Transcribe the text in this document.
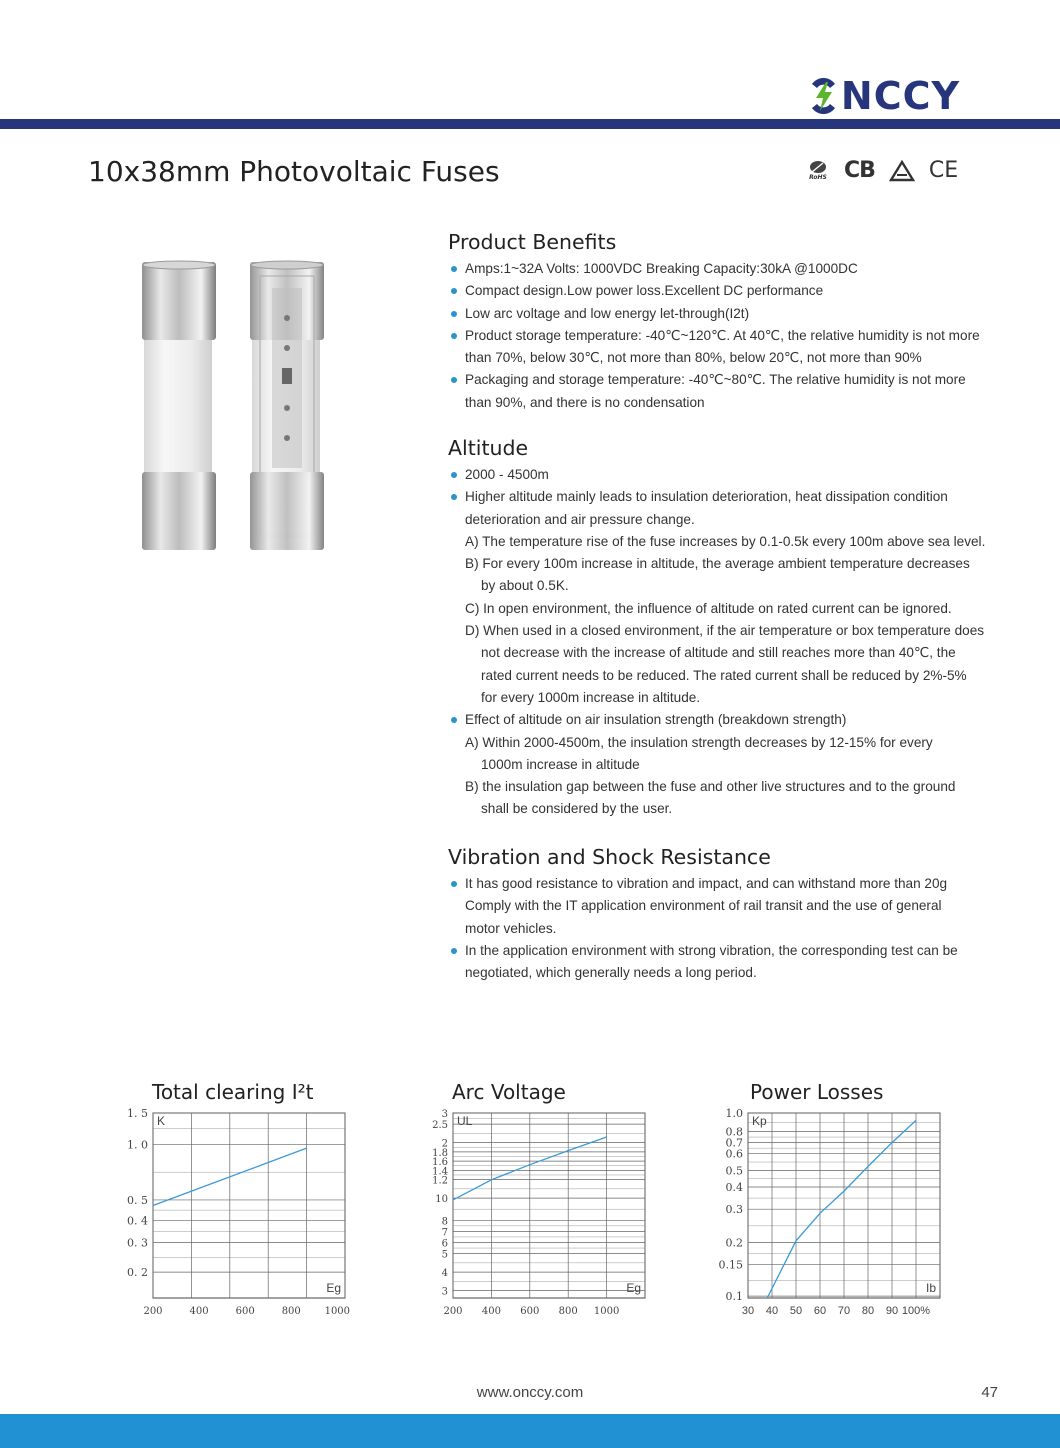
NCCY
10x38mm Photovoltaic Fuses	RoHS CB CE
Product Benefits
Amps:1~32A Volts: 1000VDC Breaking Capacity:30kA @1000DC
Compact design.Low power loss.Excellent DC performance
Low arc voltage and low energy let-through(I2t)
Product storage temperature: -40℃~120℃. At 40℃, the relative humidity is not more than 70%, below 30℃, not more than 80%, below 20℃, not more than 90%
Packaging and storage temperature: -40℃~80℃. The relative humidity is not more than 90%, and there is no condensation
Altitude
2000 - 4500m
Higher altitude mainly leads to insulation deterioration, heat dissipation condition deterioration and air pressure change.
A) The temperature rise of the fuse increases by 0.1-0.5k every 100m above sea level.
B) For every 100m increase in altitude, the average ambient temperature decreases by about 0.5K.
C) In open environment, the influence of altitude on rated current can be ignored.
D) When used in a closed environment, if the air temperature or box temperature does not decrease with the increase of altitude and still reaches more than 40℃, the rated current needs to be reduced. The rated current shall be reduced by 2%-5% for every 1000m increase in altitude.
Effect of altitude on air insulation strength (breakdown strength)
A) Within 2000-4500m, the insulation strength decreases by 12-15% for every 1000m increase in altitude
B) the insulation gap between the fuse and other live structures and to the ground shall be considered by the user.
Vibration and Shock Resistance
It has good resistance to vibration and impact, and can withstand more than 20g Comply with the IT application environment of rail transit and the use of general motor vehicles.
In the application environment with strong vibration, the corresponding test can be negotiated, which generally needs a long period.
Total clearing I²t	Arc Voltage	Power Losses
1. 5
1. 0
0. 5
0. 4
0. 3
0. 2
200	400	600	800 1000
K
Eg
3
2.5
2
1.8
1.6
1.4
1.2
10
8
7
6
5
4
3
200 400 600 800 1000
UL
Eg
1.0
0.8
0.7
0.6
0.5
0.4
0.3
0.2
0.15
0.1
30 40 50 60 70 80 90 100%
Kp
Ib
www.onccy.com	47
